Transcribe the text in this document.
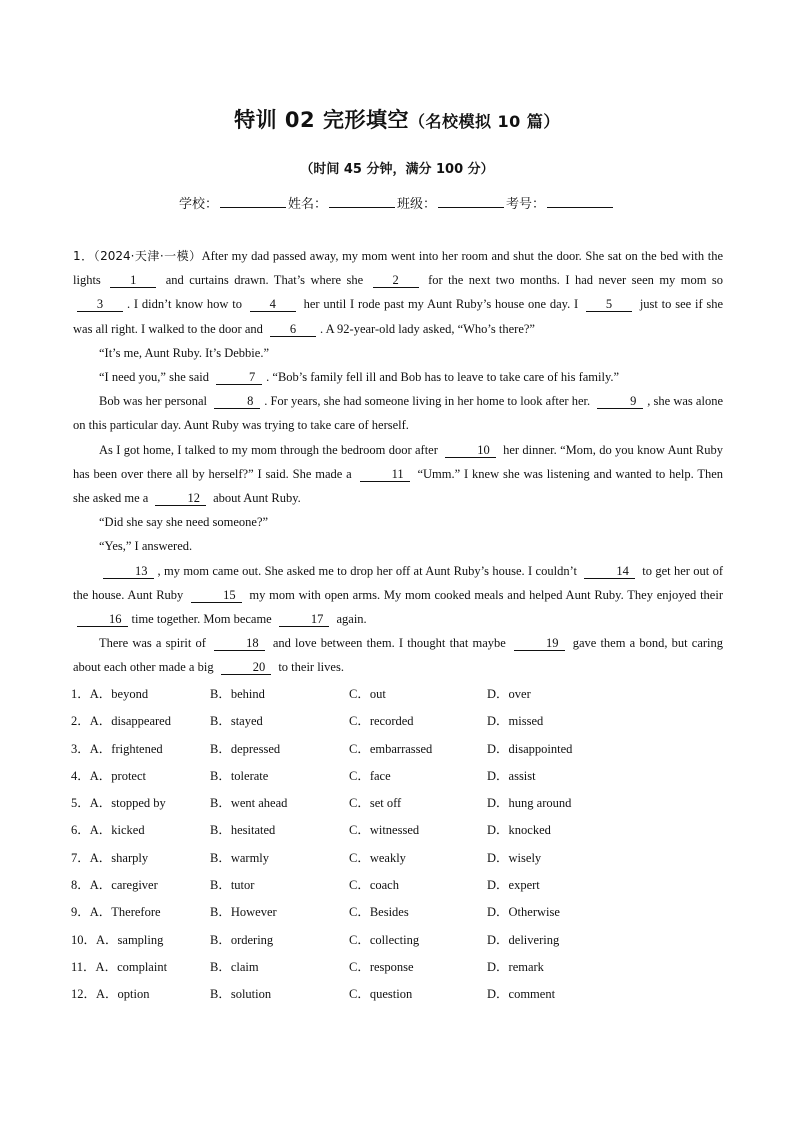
特训 02 完形填空（名校模拟 10 篇）
（时间 45 分钟，满分 100 分）
学校：	姓名：	班级：	考号：

1．（2024·天津·一模）After my dad passed away, my mom went into her room and shut the door. She sat on the bed with the lights 1 and curtains drawn. That’s where she 2 for the next two months. I had never seen my mom so 3 . I didn’t know how to 4 her until I rode past my Aunt Ruby’s house one day. I 5 just to see if she was all right. I walked to the door and 6 . A 92-year-old lady asked, “Who’s there?”

“It’s me, Aunt Ruby. It’s Debbie.”

“I need you,” she said	7 . “Bob’s family fell ill and Bob has to leave to take care of his family.”

Bob was her personal	8 . For years, she had someone living in her home to look after her.	9 , she was alone on this particular day. Aunt Ruby was trying to take care of herself.

As I got home, I talked to my mom through the bedroom door after	10 her dinner. “Mom, do you know Aunt Ruby has been over there all by herself?” I said. She made a	11 “Umm.” I knew she was listening and wanted to help. Then she asked me a	12 about Aunt Ruby.

“Did she say she need someone?”

“Yes,” I answered.

13 , my mom came out. She asked me to drop her off at Aunt Ruby’s house. I couldn’t	14 to get her out of the house. Aunt Ruby	15 my mom with open arms. My mom cooked meals and helped Aunt Ruby. They enjoyed their 16 time together. Mom became	17 again.

There was a spirit of	18 and love between them. I thought that maybe	19 gave them a bond, but caring about each other made a big	20 to their lives.

1．A．beyond	B．behind	C．out	D．over
2．A．disappeared	B．stayed	C．recorded	D．missed
3．A．frightened	B．depressed	C．embarrassed	D．disappointed
4．A．protect	B．tolerate	C．face	D．assist
5．A．stopped by	B．went ahead	C．set off	D．hung around
6．A．kicked	B．hesitated	C．witnessed	D．knocked
7．A．sharply	B．warmly	C．weakly	D．wisely
8．A．caregiver	B．tutor	C．coach	D．expert
9．A．Therefore	B．However	C．Besides	D．Otherwise
10．A．sampling	B．ordering	C．collecting	D．delivering
11．A．complaint	B．claim	C．response	D．remark
12．A．option	B．solution	C．question	D．comment
